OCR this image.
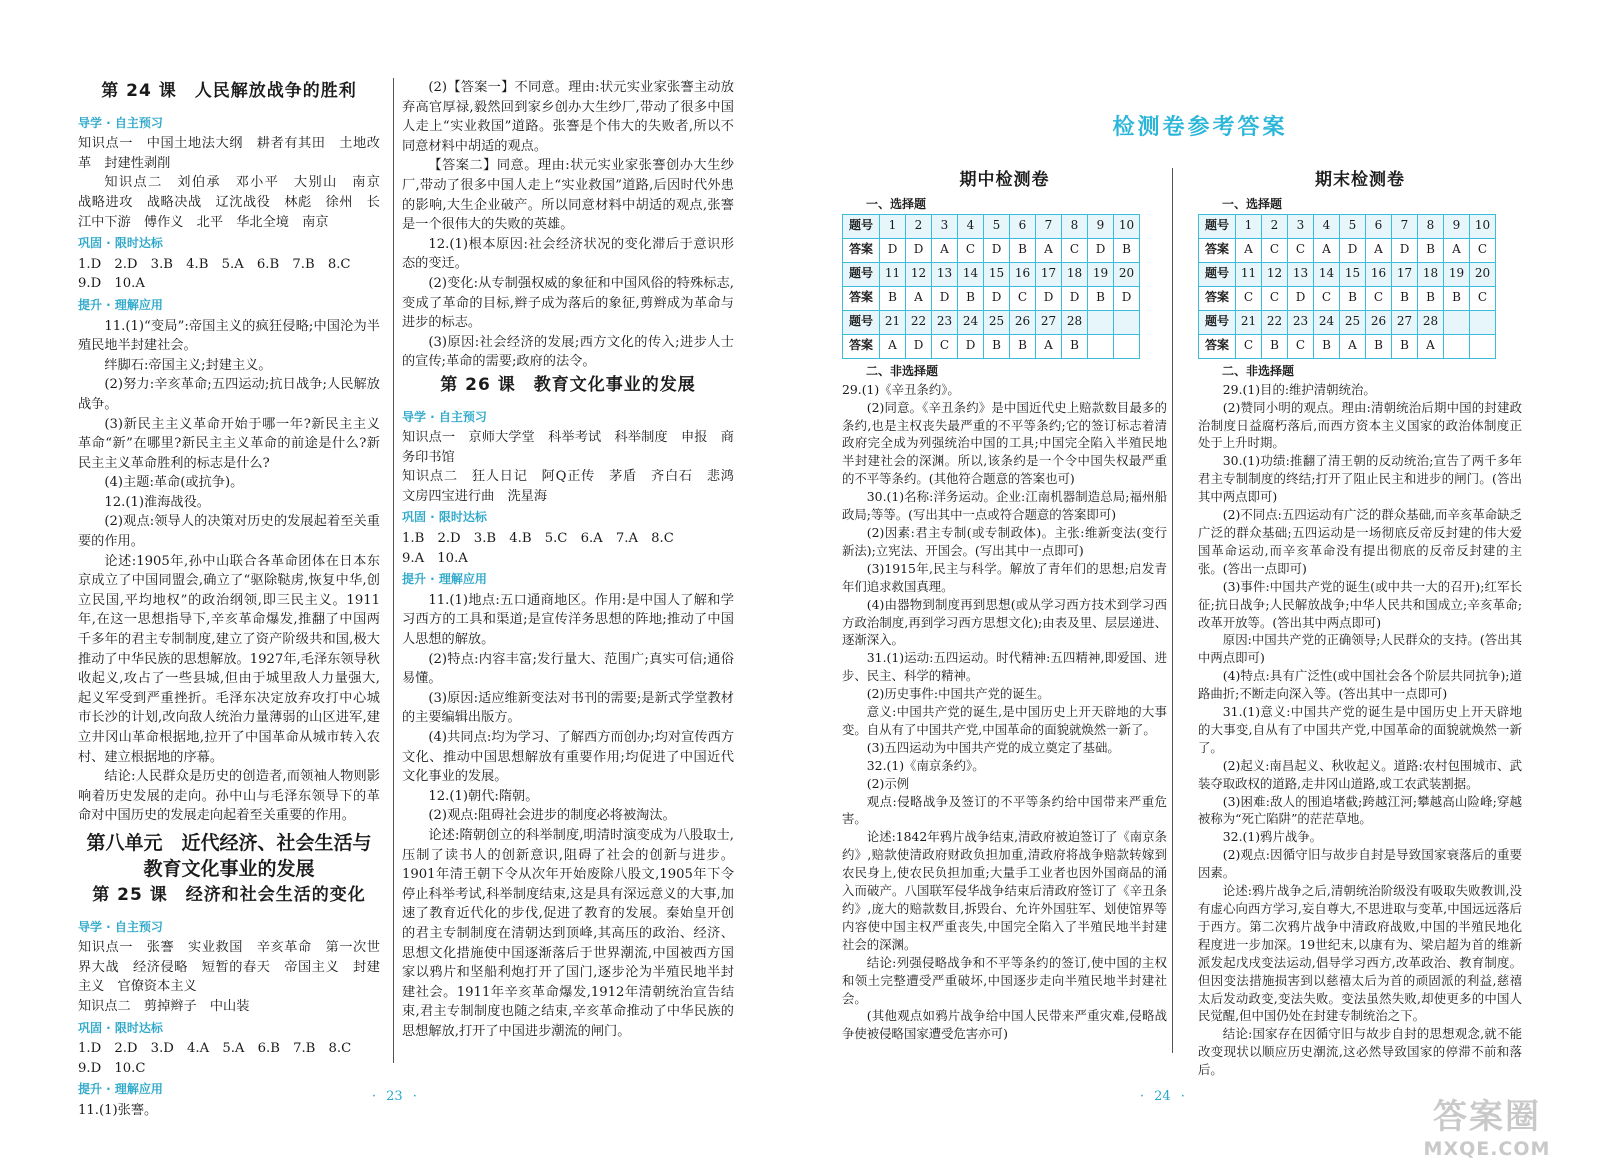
第 24 课　人民解放战争的胜利
导学 · 自主预习

知识点一　中国土地法大纲　耕者有其田　土地改革　封建性剥削

知识点二　刘伯承　邓小平　大别山　南京　战略进攻　战略决战　辽沈战役　林彪　徐州　长江中下游　傅作义　北平　华北全境　南京

巩固 · 限时达标

1.D　2.D　3.B　4.B　5.A　6.B　7.B　8.C

9.D　10.A

提升 · 理解应用

11.(1)“变局”:帝国主义的疯狂侵略;中国沦为半殖民地半封建社会。

绊脚石:帝国主义;封建主义。

(2)努力:辛亥革命;五四运动;抗日战争;人民解放战争。

(3)新民主主义革命开始于哪一年?新民主主义革命“新”在哪里?新民主主义革命的前途是什么?新民主主义革命胜利的标志是什么?

(4)主题:革命(或抗争)。

12.(1)淮海战役。

(2)观点:领导人的决策对历史的发展起着至关重要的作用。

论述:1905年,孙中山联合各革命团体在日本东京成立了中国同盟会,确立了“驱除鞑虏,恢复中华,创立民国,平均地权”的政治纲领,即三民主义。1911年,在这一思想指导下,辛亥革命爆发,推翻了中国两千多年的君主专制制度,建立了资产阶级共和国,极大推动了中华民族的思想解放。1927年,毛泽东领导秋收起义,攻占了一些县城,但由于城里敌人力量强大,起义军受到严重挫折。毛泽东决定放弃攻打中心城市长沙的计划,改向敌人统治力量薄弱的山区进军,建立井冈山革命根据地,拉开了中国革命从城市转入农村、建立根据地的序幕。

结论:人民群众是历史的创造者,而领袖人物则影响着历史发展的走向。孙中山与毛泽东领导下的革命对中国历史的发展走向起着至关重要的作用。

第八单元　近代经济、社会生活与教育文化事业的发展
第 25 课　经济和社会生活的变化
导学 · 自主预习

知识点一　张謇　实业救国　辛亥革命　第一次世界大战　经济侵略　短暂的春天　帝国主义　封建主义　官僚资本主义

知识点二　剪掉辫子　中山装

巩固 · 限时达标

1.D　2.D　3.D　4.A　5.A　6.B　7.B　8.C

9.D　10.C

提升 · 理解应用

11.(1)张謇。

(2)【答案一】不同意。理由:状元实业家张謇主动放弃高官厚禄,毅然回到家乡创办大生纱厂,带动了很多中国人走上“实业救国”道路。张謇是个伟大的失败者,所以不同意材料中胡适的观点。

【答案二】同意。理由:状元实业家张謇创办大生纱厂,带动了很多中国人走上“实业救国”道路,后因时代外患的影响,大生企业破产。所以同意材料中胡适的观点,张謇是一个很伟大的失败的英雄。

12.(1)根本原因:社会经济状况的变化滞后于意识形态的变迁。

(2)变化:从专制强权威的象征和中国风俗的特殊标志,变成了革命的目标,辫子成为落后的象征,剪辫成为革命与进步的标志。

(3)原因:社会经济的发展;西方文化的传入;进步人士的宣传;革命的需要;政府的法令。

第 26 课　教育文化事业的发展
导学 · 自主预习

知识点一　京师大学堂　科举考试　科举制度　申报　商务印书馆

知识点二　狂人日记　阿Q正传　茅盾　齐白石　悲鸿　文房四宝进行曲　洗星海

巩固 · 限时达标

1.B　2.D　3.B　4.B　5.C　6.A　7.A　8.C

9.A　10.A

提升 · 理解应用

11.(1)地点:五口通商地区。作用:是中国人了解和学习西方的工具和渠道;是宣传洋务思想的阵地;推动了中国人思想的解放。

(2)特点:内容丰富;发行量大、范围广;真实可信;通俗易懂。

(3)原因:适应维新变法对书刊的需要;是新式学堂教材的主要编辑出版方。

(4)共同点:均为学习、了解西方而创办;均对宣传西方文化、推动中国思想解放有重要作用;均促进了中国近代文化事业的发展。

12.(1)朝代:隋朝。

(2)观点:阻碍社会进步的制度必将被淘汰。

论述:隋朝创立的科举制度,明清时演变成为八股取士,压制了读书人的创新意识,阻碍了社会的创新与进步。1901年清王朝下令从次年开始废除八股文,1905年下令停止科举考试,科举制度结束,这是具有深远意义的大事,加速了教育近代化的步伐,促进了教育的发展。秦始皇开创的君主专制制度在清朝达到顶峰,其高压的政治、经济、思想文化措施使中国逐渐落后于世界潮流,中国被西方国家以鸦片和坚船利炮打开了国门,逐步沦为半殖民地半封建社会。1911年辛亥革命爆发,1912年清朝统治宣告结束,君主专制制度也随之结束,辛亥革命推动了中华民族的思想解放,打开了中国进步潮流的闸门。

· 23 ·
检测卷参考答案
期中检测卷

一、选择题

题号	1	2	3	4	5	6	7	8	9	10
答案	D	D	A	C	D	B	A	C	D	B
题号	11	12	13	14	15	16	17	18	19	20
答案	B	A	D	B	D	C	D	D	B	D
题号	21	22	23	24	25	26	27	28		
答案	A	D	C	D	B	B	A	B		

二、非选择题

29.(1)《辛丑条约》。

(2)同意。《辛丑条约》是中国近代史上赔款数目最多的条约,也是主权丧失最严重的不平等条约;它的签订标志着清政府完全成为列强统治中国的工具;中国完全陷入半殖民地半封建社会的深渊。所以,该条约是一个令中国失权最严重的不平等条约。(其他符合题意的答案也可)

30.(1)名称:洋务运动。企业:江南机器制造总局;福州船政局;等等。(写出其中一点或符合题意的答案即可)

(2)因素:君主专制(或专制政体)。主张:维新变法(变行新法);立宪法、开国会。(写出其中一点即可)

(3)1915年,民主与科学。解放了青年们的思想;启发青年们追求救国真理。

(4)由器物到制度再到思想(或从学习西方技术到学习西方政治制度,再到学习西方思想文化);由表及里、层层递进、逐渐深入。

31.(1)运动:五四运动。时代精神:五四精神,即爱国、进步、民主、科学的精神。

(2)历史事件:中国共产党的诞生。

意义:中国共产党的诞生,是中国历史上开天辟地的大事变。自从有了中国共产党,中国革命的面貌就焕然一新了。

(3)五四运动为中国共产党的成立奠定了基础。

32.(1)《南京条约》。

(2)示例

观点:侵略战争及签订的不平等条约给中国带来严重危害。

论述:1842年鸦片战争结束,清政府被迫签订了《南京条约》,赔款使清政府财政负担加重,清政府将战争赔款转嫁到农民身上,使农民负担加重;大量手工业者也因外国商品的涌入而破产。八国联军侵华战争结束后清政府签订了《辛丑条约》,庞大的赔款数目,拆毁台、允许外国驻军、划使馆界等内容使中国主权严重丧失,中国完全陷入了半殖民地半封建社会的深渊。

结论:列强侵略战争和不平等条约的签订,使中国的主权和领土完整遭受严重破坏,中国逐步走向半殖民地半封建社会。

(其他观点如鸦片战争给中国人民带来严重灾难,侵略战争使被侵略国家遭受危害亦可)

期末检测卷

一、选择题

题号	1	2	3	4	5	6	7	8	9	10
答案	A	C	C	A	D	A	D	B	A	C
题号	11	12	13	14	15	16	17	18	19	20
答案	C	C	D	C	B	C	B	B	B	C
题号	21	22	23	24	25	26	27	28		
答案	C	B	C	B	A	B	B	A		

二、非选择题

29.(1)目的:维护清朝统治。

(2)赞同小明的观点。理由:清朝统治后期中国的封建政治制度日益腐朽落后,而西方资本主义国家的政治体制度正处于上升时期。

30.(1)功绩:推翻了清王朝的反动统治;宣告了两千多年君主专制制度的终结;打开了阻止民主和进步的闸门。(答出其中两点即可)

(2)不同点:五四运动有广泛的群众基础,而辛亥革命缺乏广泛的群众基础;五四运动是一场彻底反帝反封建的伟大爱国革命运动,而辛亥革命没有提出彻底的反帝反封建的主张。(答出一点即可)

(3)事件:中国共产党的诞生(或中共一大的召开);红军长征;抗日战争;人民解放战争;中华人民共和国成立;辛亥革命;改革开放等。(答出其中两点即可)

原因:中国共产党的正确领导;人民群众的支持。(答出其中两点即可)

(4)特点:具有广泛性(或中国社会各个阶层共同抗争);道路曲折;不断走向深入等。(答出其中一点即可)

31.(1)意义:中国共产党的诞生是中国历史上开天辟地的大事变,自从有了中国共产党,中国革命的面貌就焕然一新了。

(2)起义:南昌起义、秋收起义。道路:农村包围城市、武装夺取政权的道路,走井冈山道路,或工农武装割据。

(3)困难:敌人的围追堵截;跨越江河;攀越高山险峰;穿越被称为“死亡陷阱”的茫茫草地。

32.(1)鸦片战争。

(2)观点:因循守旧与故步自封是导致国家衰落后的重要因素。

论述:鸦片战争之后,清朝统治阶级没有吸取失败教训,没有虚心向西方学习,妄自尊大,不思进取与变革,中国远远落后于西方。第二次鸦片战争中清政府战败,中国的半殖民地化程度进一步加深。19世纪末,以康有为、梁启超为首的维新派发起戊戌变法运动,倡导学习西方,改革政治、教育制度。但因变法措施损害到以慈禧太后为首的顽固派的利益,慈禧太后发动政变,变法失败。变法虽然失败,却使更多的中国人民觉醒,但中国仍处在封建专制统治之下。

结论:国家存在因循守旧与故步自封的思想观念,就不能改变现状以顺应历史潮流,这必然导致国家的停滞不前和落后。

· 24 ·
答案圈
MXQE.COM
